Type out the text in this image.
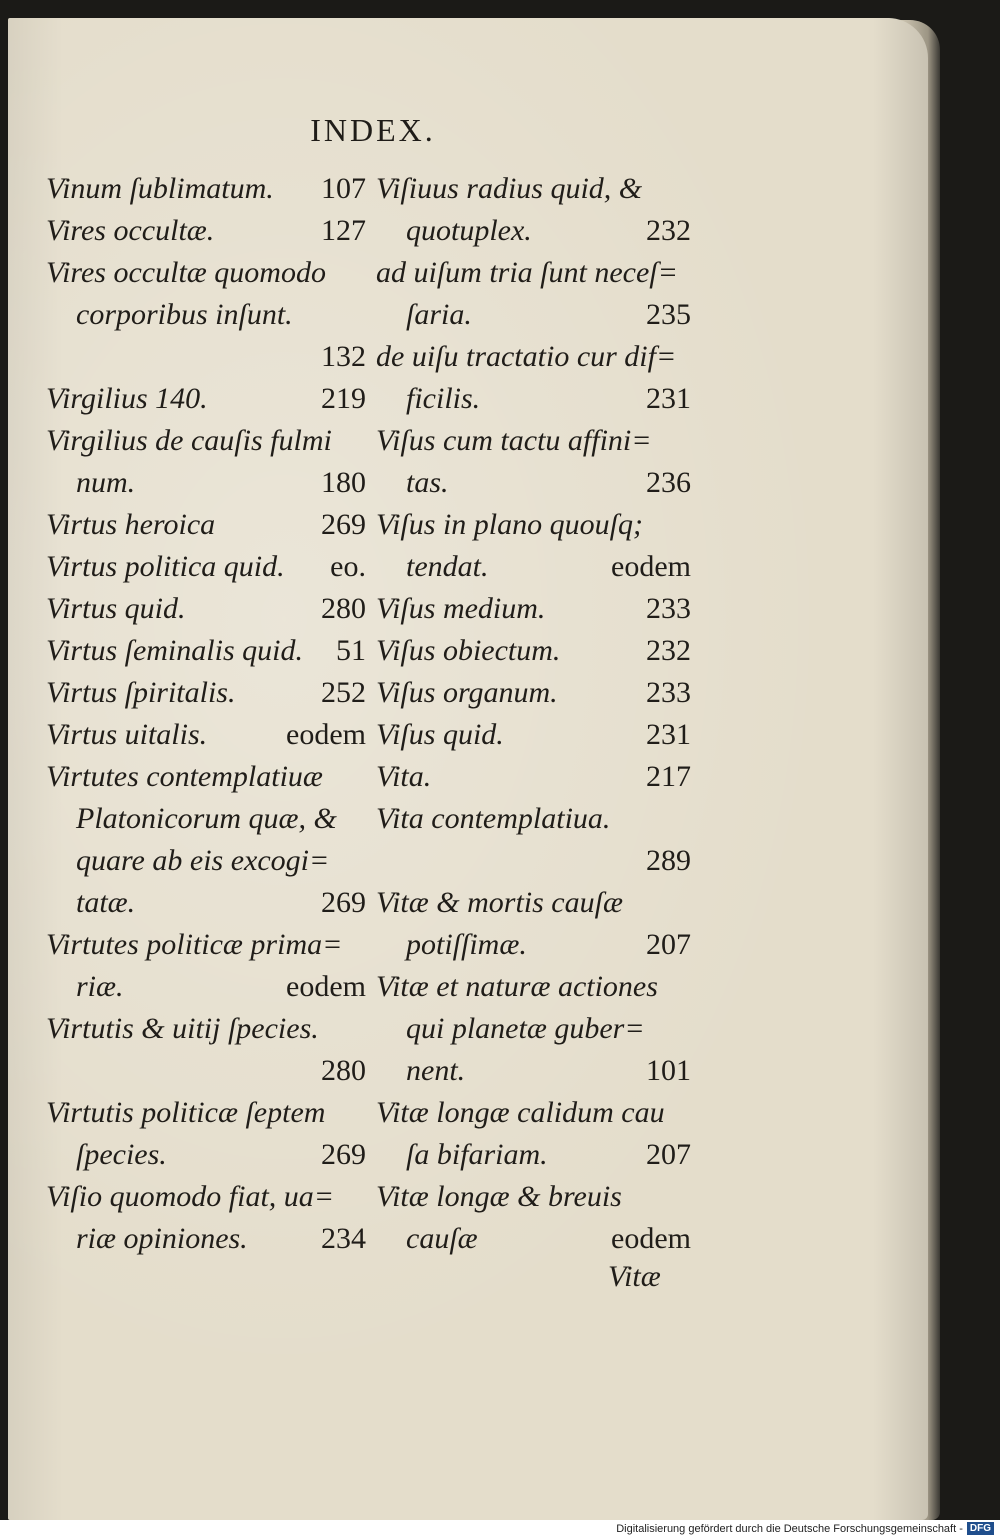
INDEX.
Vinum ſublimatum. 107
Vires occultæ.	127
Vires occultæ quomodo
corporibus inſunt.
132
Virgilius 140.	219
Virgilius de cauſis fulmi
num.	180
Virtus heroica	269
Virtus politica quid. eo.
Virtus quid.	280
Virtus ſeminalis quid. 51
Virtus ſpiritalis.	252
Virtus uitalis.	eodem
Virtutes contemplatiuæ
Platonicorum quæ, &
quare ab eis excogi=
tatæ.	269
Virtutes politicæ prima=
riæ.	eodem
Virtutis & uitij ſpecies.
280
Virtutis politicæ ſeptem
ſpecies.	269
Viſio quomodo fiat, ua=
riæ opiniones. 234
Viſiuus radius quid, &
quotuplex.	232
ad uiſum tria ſunt neceſ=
ſaria.	235
de uiſu tractatio cur dif=
ficilis.	231
Viſus cum tactu affini=
tas.	236
Viſus in plano quouſq;
tendat.	eodem
Viſus medium.	233
Viſus obiectum.	232
Viſus organum.	233
Viſus quid.	231
Vita.	217
Vita contemplatiua.
289
Vitæ & mortis cauſæ
potiſſimæ.	207
Vitæ et naturæ actiones
qui planetæ guber=
nent.	101
Vitæ longæ calidum cau
ſa bifariam.	207
Vitæ longæ & breuis
cauſæ	eodem
Vitæ
Digitalisierung gefördert durch die Deutsche Forschungsgemeinschaft - DFG
